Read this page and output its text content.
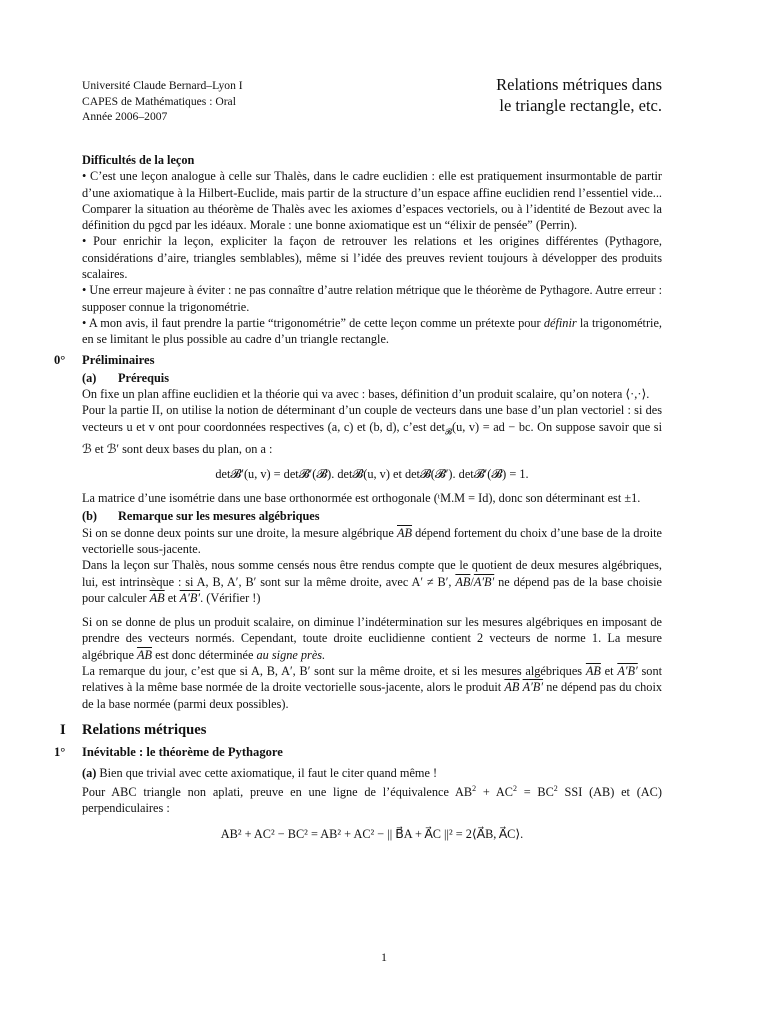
Université Claude Bernard–Lyon I
CAPES de Mathématiques : Oral
Année 2006–2007
Relations métriques dans
le triangle rectangle, etc.
Difficultés de la leçon

• C’est une leçon analogue à celle sur Thalès, dans le cadre euclidien : elle est pratiquement insurmontable de partir d’une axiomatique à la Hilbert-Euclide, mais partir de la structure d’un espace affine euclidien rend l’essentiel vide... Comparer la situation au théorème de Thalès avec les axiomes d’espaces vectoriels, ou à l’identité de Bezout avec la définition du pgcd par les idéaux. Morale : une bonne axiomatique est un “élixir de pensée” (Perrin).

• Pour enrichir la leçon, expliciter la façon de retrouver les relations et les origines différentes (Pythagore, considérations d’aire, triangles semblables), même si l’idée des preuves revient toujours à développer des produits scalaires.

• Une erreur majeure à éviter : ne pas connaître d’autre relation métrique que le théorème de Pythagore. Autre erreur : supposer connue la trigonométrie.

• A mon avis, il faut prendre la partie “trigonométrie” de cette leçon comme un prétexte pour définir la trigonométrie, en se limitant le plus possible au cadre d’un triangle rectangle.

0° Préliminaires
(a) Prérequis

On fixe un plan affine euclidien et la théorie qui va avec : bases, définition d’un produit scalaire, qu’on notera ⟨·,·⟩.

Pour la partie II, on utilise la notion de déterminant d’un couple de vecteurs dans une base d’un plan vectoriel : si des vecteurs u et v ont pour coordonnées respectives (a, c) et (b, d), c’est $\det_𝓑(u$, v) = ad − bc. On suppose savoir que si ℬ et ℬ′ sont deux bases du plan, on a :

det𝓑′(u, v) = det𝓑′(𝓑). det𝓑(u, v) et det𝓑(𝓑′). det𝓑′(𝓑) = 1.

La matrice d’une isométrie dans une base orthonormée est orthogonale (ᵗM.M = Id), donc son déterminant est ±1.

(b) Remarque sur les mesures algébriques

Si on se donne deux points sur une droite, la mesure algébrique $\overline{AB}$ dépend fortement du choix d’une base de la droite vectorielle sous-jacente.

Dans la leçon sur Thalès, nous somme censés nous être rendus compte que le quotient de deux mesures algébriques, lui, est intrinsèque : si A, B, A′, B′ sont sur la même droite, avec A′ ≠ B′, $\overline{AB}/A'B'$ ne dépend pas de la base choisie pour calculer $\overline{AB}$ et A′B′. (Vérifier !)

Si on se donne de plus un produit scalaire, on diminue l’indétermination sur les mesures algébriques en imposant de prendre des vecteurs normés. Cependant, toute droite euclidienne contient 2 vecteurs de norme 1. La mesure algébrique $\overline{AB}$ est donc déterminée au signe près.

La remarque du jour, c’est que si A, B, A′, B′ sont sur la même droite, et si les mesures algébriques $\overline{AB}$ et A′B′ sont relatives à la même base normée de la droite vectorielle sous-jacente, alors le produit $\overline{AB}$ A′B′ ne dépend pas du choix de la base normée (parmi deux possibles).

I Relations métriques
1° Inévitable : le théorème de Pythagore

(a) Bien que trivial avec cette axiomatique, il faut le citer quand même !

Pour ABC triangle non aplati, preuve en une ligne de l’équivalence $AB^2 + AC^2 = BC^2$ SSI (AB) et (AC) perpendiculaires :

AB² + AC² − BC² = AB² + AC² − || B⃗A + A⃗C ||² = 2⟨A⃗B, A⃗C⟩.
1
